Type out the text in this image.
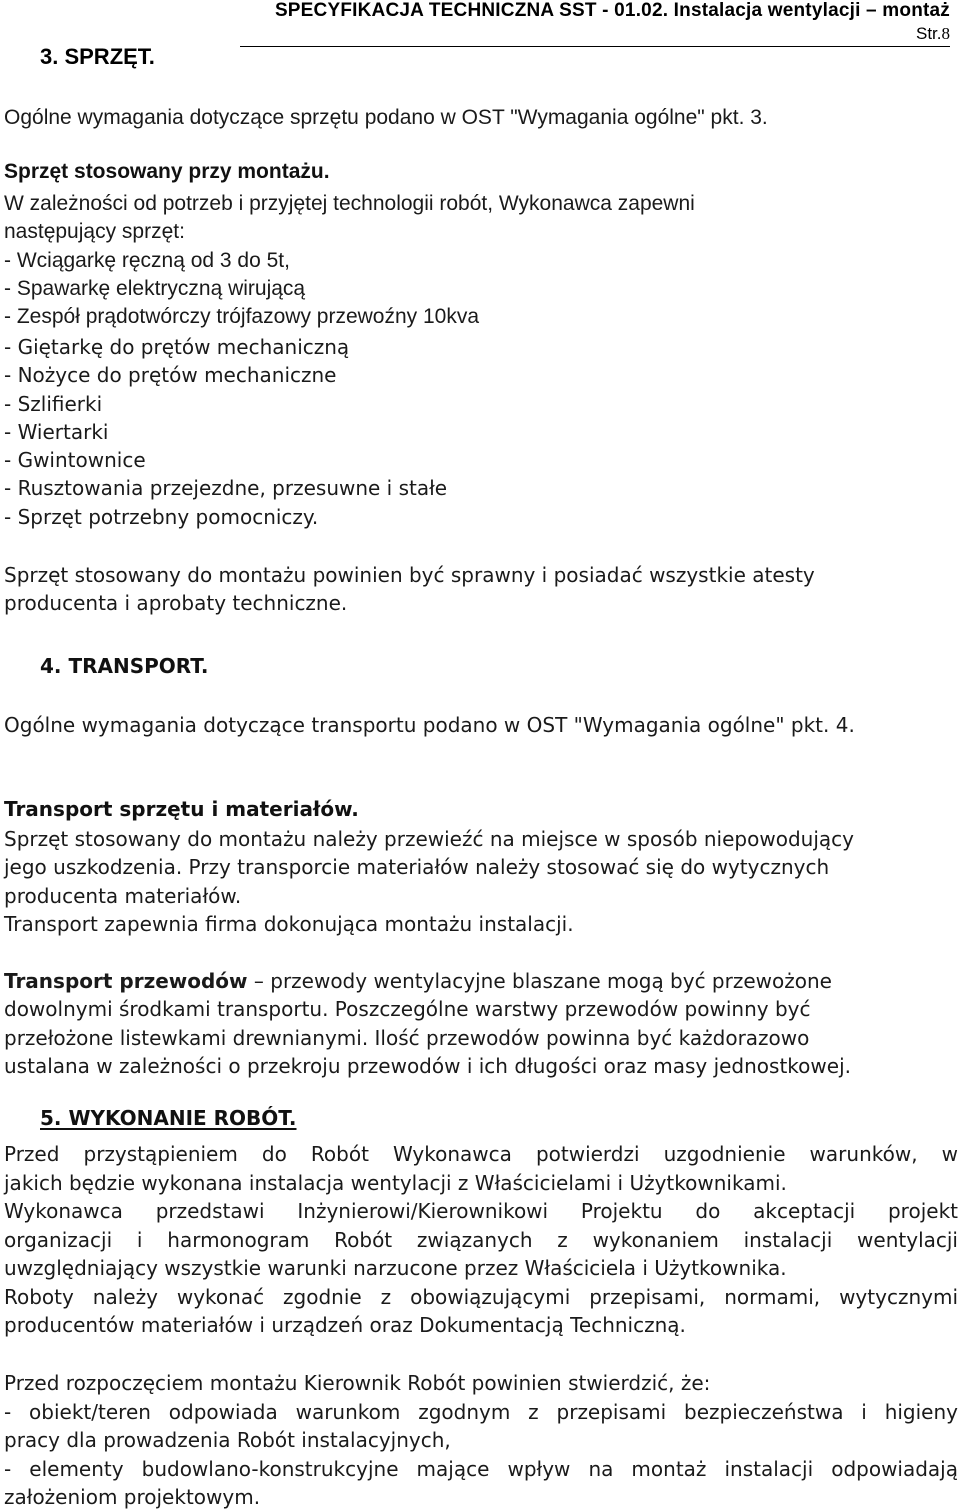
SPECYFIKACJA TECHNICZNA SST - 01.02. Instalacja wentylacji – montaż
Str.8
3. SPRZĘT.

Ogólne wymagania dotyczące sprzętu podano w OST "Wymagania ogólne" pkt. 3.

Sprzęt stosowany przy montażu.

W zależności od potrzeb i przyjętej technologii robót, Wykonawca zapewni
następujący sprzęt:
- Wciągarkę ręczną od 3 do 5t,
- Spawarkę elektryczną wirującą
- Zespół prądotwórczy trójfazowy przewoźny 10kva
- Giętarkę do prętów mechaniczną
- Nożyce do prętów mechaniczne
- Szlifierki
- Wiertarki
- Gwintownice
- Rusztowania przejezdne, przesuwne i stałe
- Sprzęt potrzebny pomocniczy.
Sprzęt stosowany do montażu powinien być sprawny i posiadać wszystkie atesty
producenta i aprobaty techniczne.
4. TRANSPORT.

Ogólne wymagania dotyczące transportu podano w OST "Wymagania ogólne" pkt. 4.

Transport sprzętu i materiałów.

Sprzęt stosowany do montażu należy przewieźć na miejsce w sposób niepowodujący
jego uszkodzenia. Przy transporcie materiałów należy stosować się do wytycznych
producenta materiałów.
Transport zapewnia firma dokonująca montażu instalacji.
Transport przewodów – przewody wentylacyjne blaszane mogą być przewożone
dowolnymi środkami transportu. Poszczególne warstwy przewodów powinny być
przełożone listewkami drewnianymi. Ilość przewodów powinna być każdorazowo
ustalana w zależności o przekroju przewodów i ich długości oraz masy jednostkowej.
5. WYKONANIE ROBÓT.
Przed przystąpieniem do Robót Wykonawca potwierdzi uzgodnienie warunków, w
jakich będzie wykonana instalacja wentylacji z Właścicielami i Użytkownikami.
Wykonawca przedstawi Inżynierowi/Kierownikowi Projektu do akceptacji projekt
organizacji i harmonogram Robót związanych z wykonaniem instalacji wentylacji
uwzględniający wszystkie warunki narzucone przez Właściciela i Użytkownika.
Roboty należy wykonać zgodnie z obowiązującymi przepisami, normami, wytycznymi
producentów materiałów i urządzeń oraz Dokumentacją Techniczną.
Przed rozpoczęciem montażu Kierownik Robót powinien stwierdzić, że:
- obiekt/teren odpowiada warunkom zgodnym z przepisami bezpieczeństwa i higieny
pracy dla prowadzenia Robót instalacyjnych,
- elementy budowlano-konstrukcyjne mające wpływ na montaż instalacji odpowiadają
założeniom projektowym.
